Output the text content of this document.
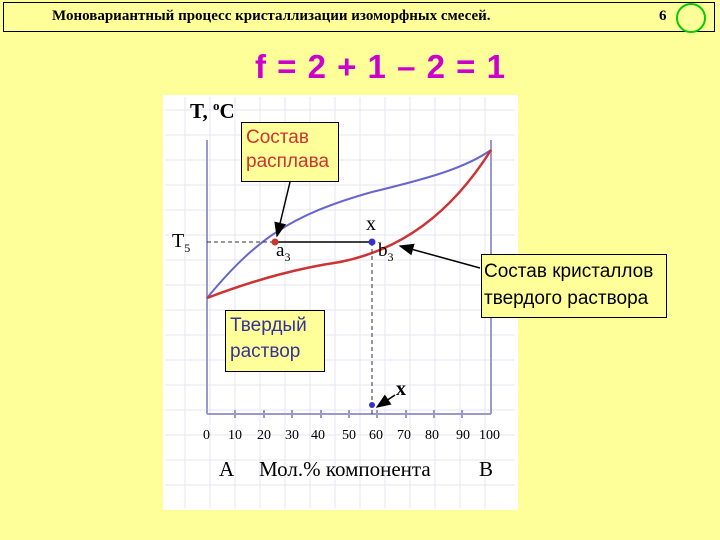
Моновариантный процесс кристаллизации изоморфных смесей.	6
f = 2 + 1 – 2 = 1
T, $^o$C
$T_5$
Состав
расплава
Состав кристаллов
твердого раствора
Твердый
раствор
$a_3$	$b_3$
x
x
0 10 20 30 40 50 60 70 80 90 100
A Мол.% компонента B
